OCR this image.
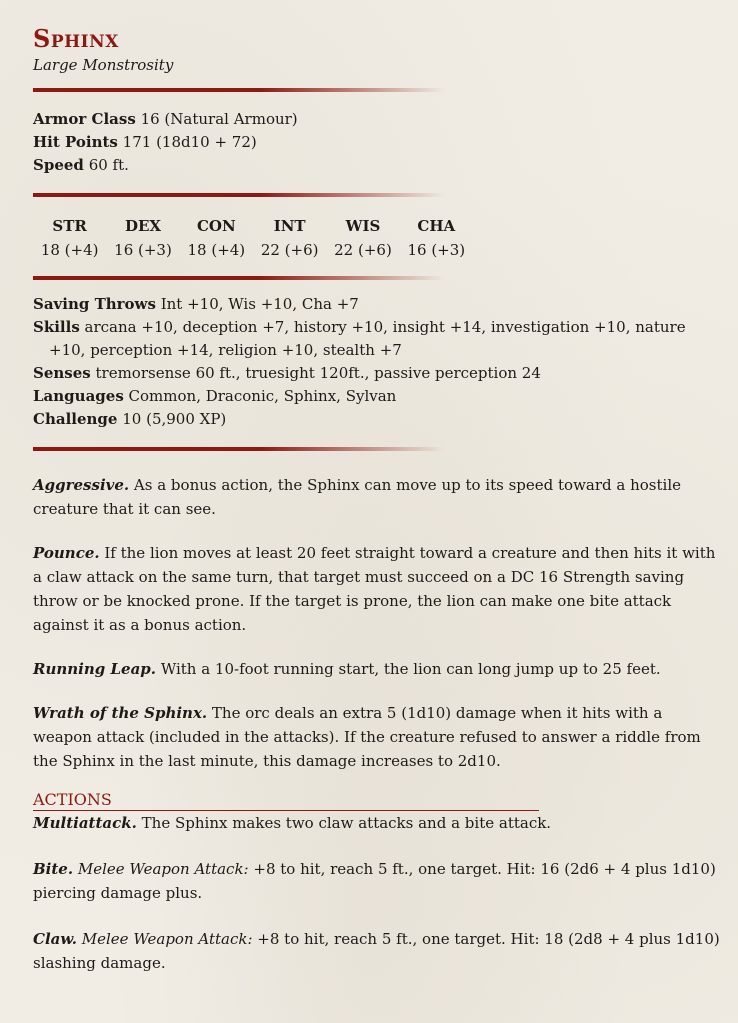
Sphinx

Large Monstrosity

Armor Class 16 (Natural Armour)

Hit Points 171 (18d10 + 72)

Speed 60 ft.

STR
18 (+4)
DEX
16 (+3)
CON
18 (+4)
INT
22 (+6)
WIS
22 (+6)
CHA
16 (+3)

Saving Throws Int +10, Wis +10, Cha +7

Skills arcana +10, deception +7, history +10, insight +14, investigation +10, nature +10, perception +14, religion +10, stealth +7

Senses tremorsense 60 ft., truesight 120ft., passive perception 24

Languages Common, Draconic, Sphinx, Sylvan

Challenge 10 (5,900 XP)

Aggressive. As a bonus action, the Sphinx can move up to its speed toward a hostile creature that it can see.

Pounce. If the lion moves at least 20 feet straight toward a creature and then hits it with a claw attack on the same turn, that target must succeed on a DC 16 Strength saving throw or be knocked prone. If the target is prone, the lion can make one bite attack against it as a bonus action.

Running Leap. With a 10-foot running start, the lion can long jump up to 25 feet.

Wrath of the Sphinx. The orc deals an extra 5 (1d10) damage when it hits with a weapon attack (included in the attacks). If the creature refused to answer a riddle from the Sphinx in the last minute, this damage increases to 2d10.

ACTIONS

Multiattack. The Sphinx makes two claw attacks and a bite attack.

Bite. Melee Weapon Attack: +8 to hit, reach 5 ft., one target. Hit: 16 (2d6 + 4 plus 1d10) piercing damage plus.

Claw. Melee Weapon Attack: +8 to hit, reach 5 ft., one target. Hit: 18 (2d8 + 4 plus 1d10) slashing damage.
